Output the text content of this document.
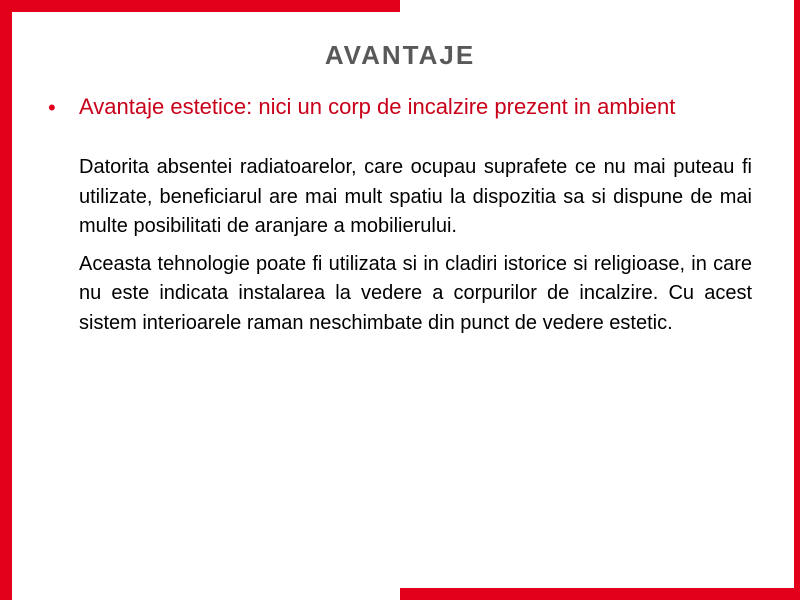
AVANTAJE
• Avantaje estetice: nici un corp de incalzire prezent in ambient

Datorita absentei radiatoarelor, care ocupau suprafete ce nu mai puteau fi utilizate, beneficiarul are mai mult spatiu la dispozitia sa si dispune de mai multe posibilitati de aranjare a mobilierului.

Aceasta tehnologie poate fi utilizata si in cladiri istorice si religioase, in care nu este indicata instalarea la vedere a corpurilor de incalzire. Cu acest sistem interioarele raman neschimbate din punct de vedere estetic.
